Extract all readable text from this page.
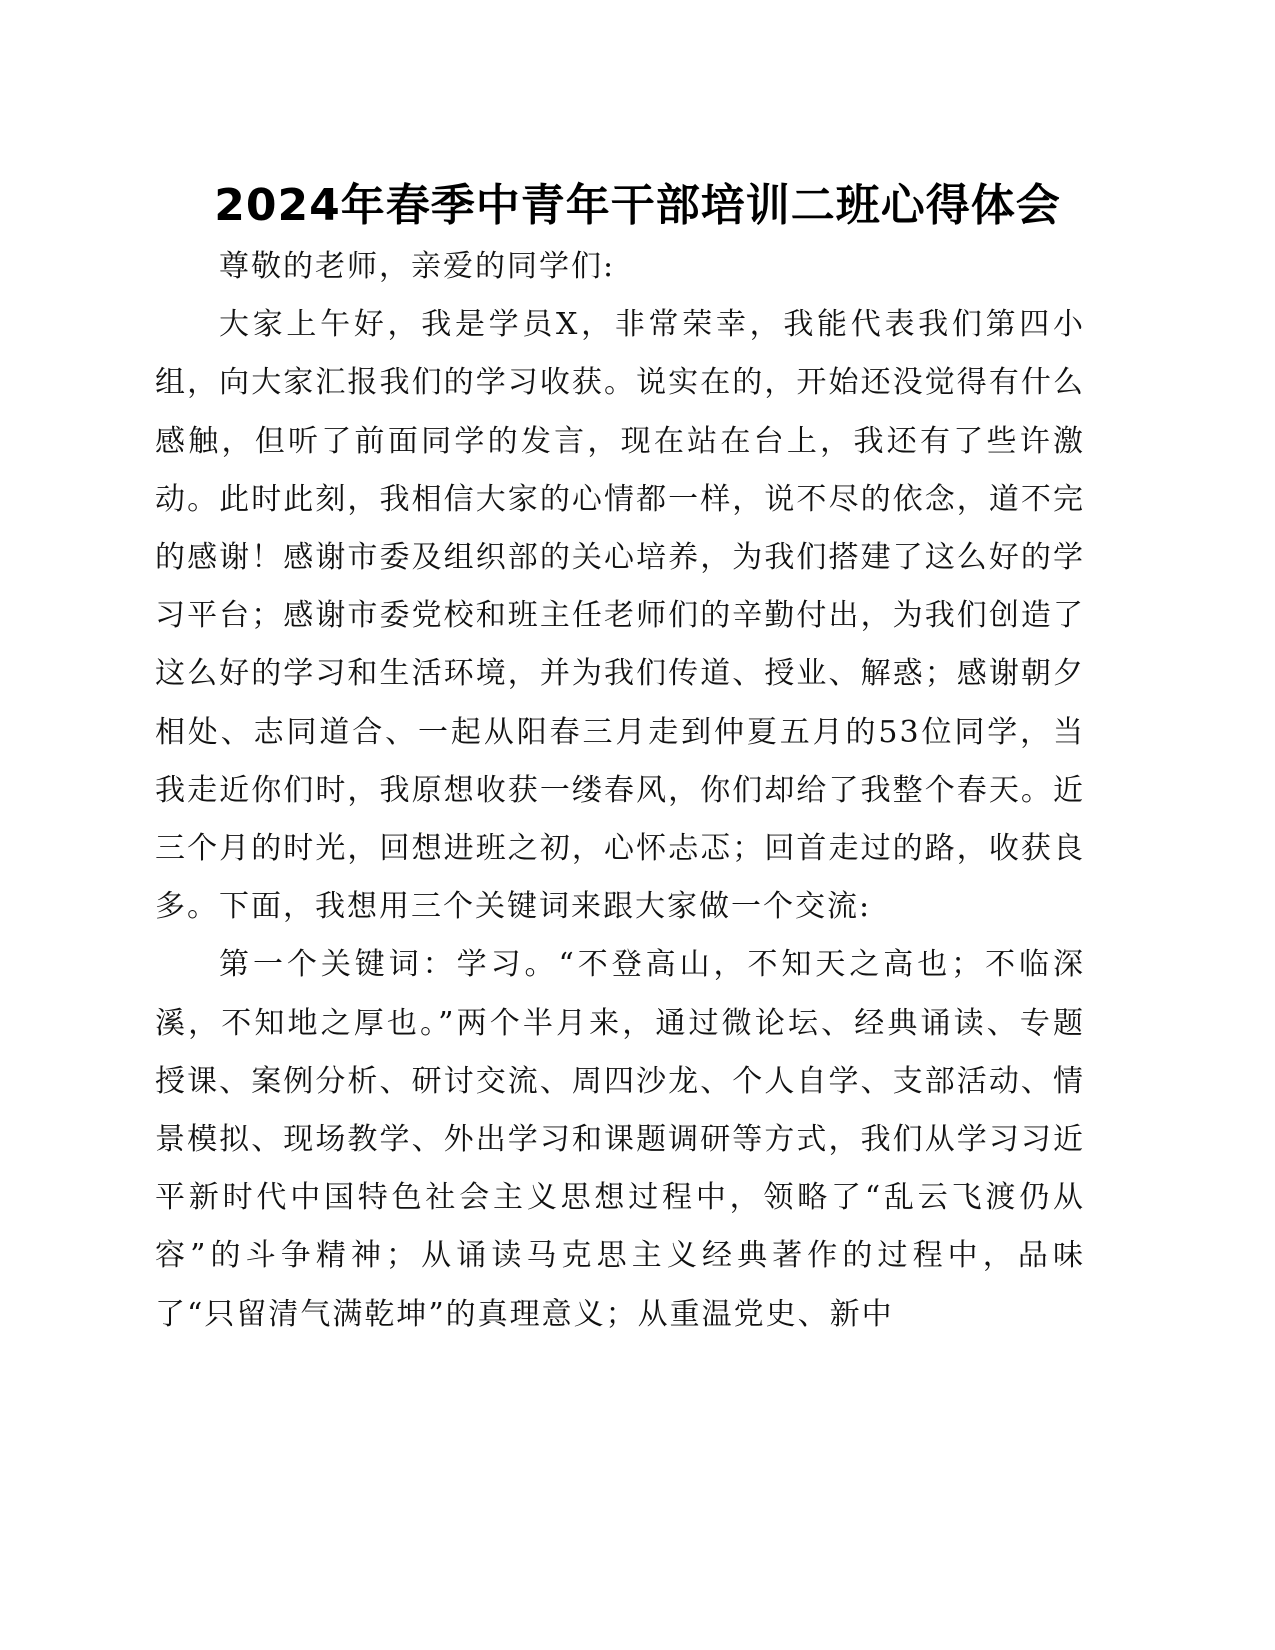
2024年春季中青年干部培训二班心得体会

尊敬的老师，亲爱的同学们:

大家上午好，我是学员X，非常荣幸，我能代表我们第四小组，向大家汇报我们的学习收获。说实在的，开始还没觉得有什么感触，但听了前面同学的发言，现在站在台上，我还有了些许激动。此时此刻，我相信大家的心情都一样，说不尽的依念，道不完的感谢！感谢市委及组织部的关心培养，为我们搭建了这么好的学习平台；感谢市委党校和班主任老师们的辛勤付出，为我们创造了这么好的学习和生活环境，并为我们传道、授业、解惑；感谢朝夕相处、志同道合、一起从阳春三月走到仲夏五月的53位同学，当我走近你们时，我原想收获一缕春风，你们却给了我整个春天。近三个月的时光，回想进班之初，心怀忐忑；回首走过的路，收获良多。下面，我想用三个关键词来跟大家做一个交流:

第一个关键词：学习。“不登高山，不知天之高也；不临深溪，不知地之厚也。”两个半月来，通过微论坛、经典诵读、专题授课、案例分析、研讨交流、周四沙龙、个人自学、支部活动、情景模拟、现场教学、外出学习和课题调研等方式，我们从学习习近平新时代中国特色社会主义思想过程中，领略了“乱云飞渡仍从容”的斗争精神；从诵读马克思主义经典著作的过程中，品味了“只留清气满乾坤”的真理意义；从重温党史、新中
